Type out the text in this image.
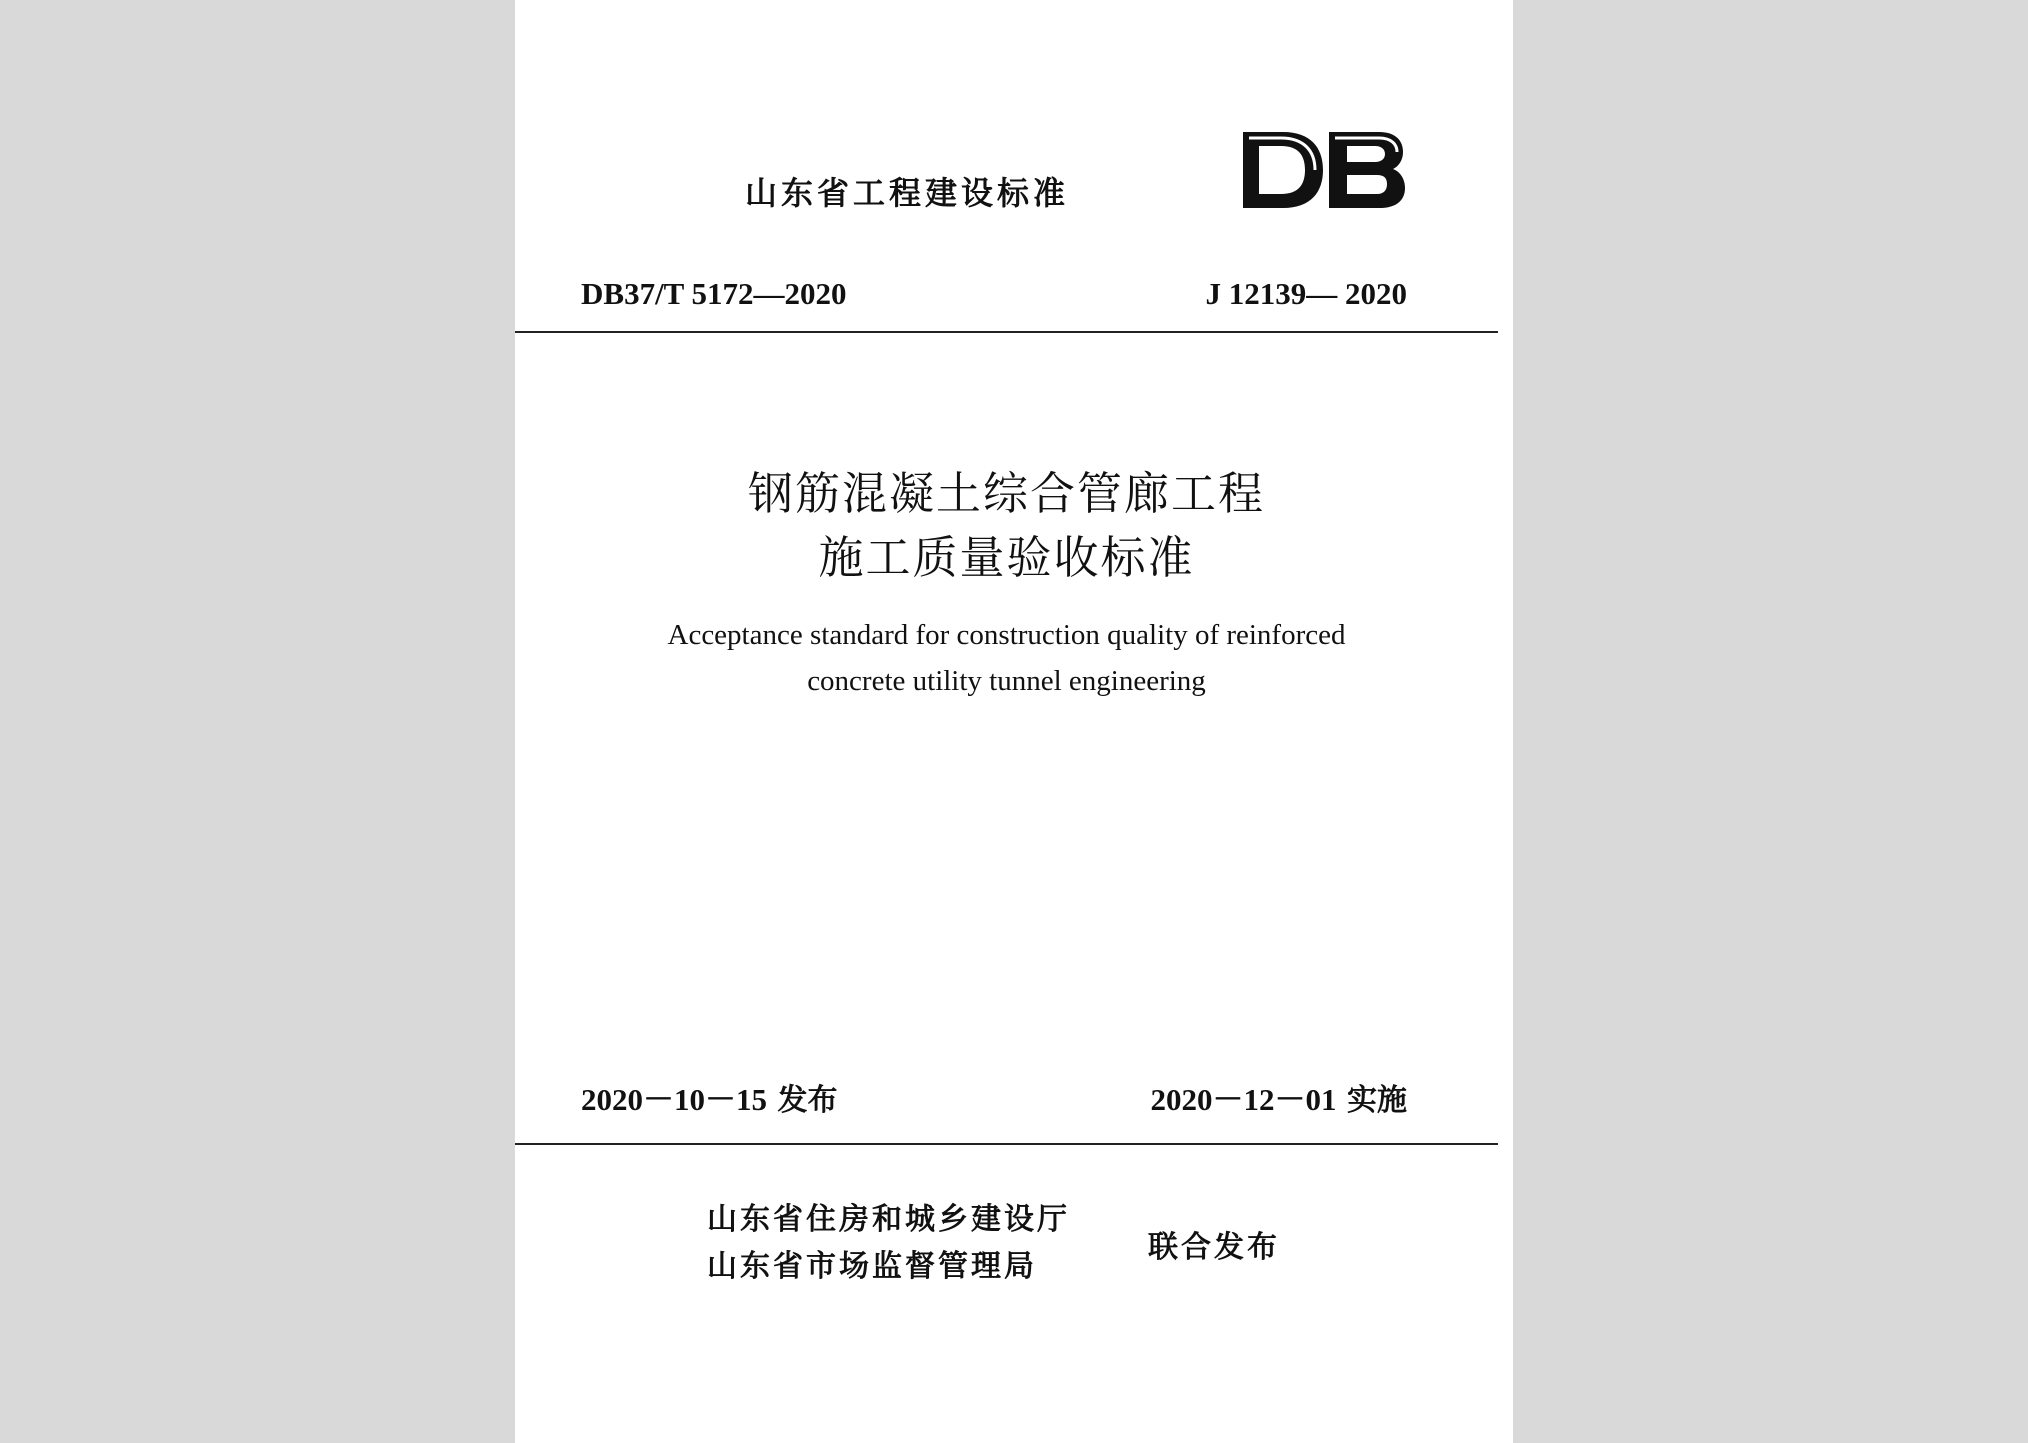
山东省工程建设标准
DB37/T 5172—2020	J 12139— 2020
钢筋混凝土综合管廊工程
施工质量验收标准
Acceptance standard for construction quality of reinforced
concrete utility tunnel engineering
2020－10－15 发布	2020－12－01 实施
山东省住房和城乡建设厅
山东省市场监督管理局
联合发布
